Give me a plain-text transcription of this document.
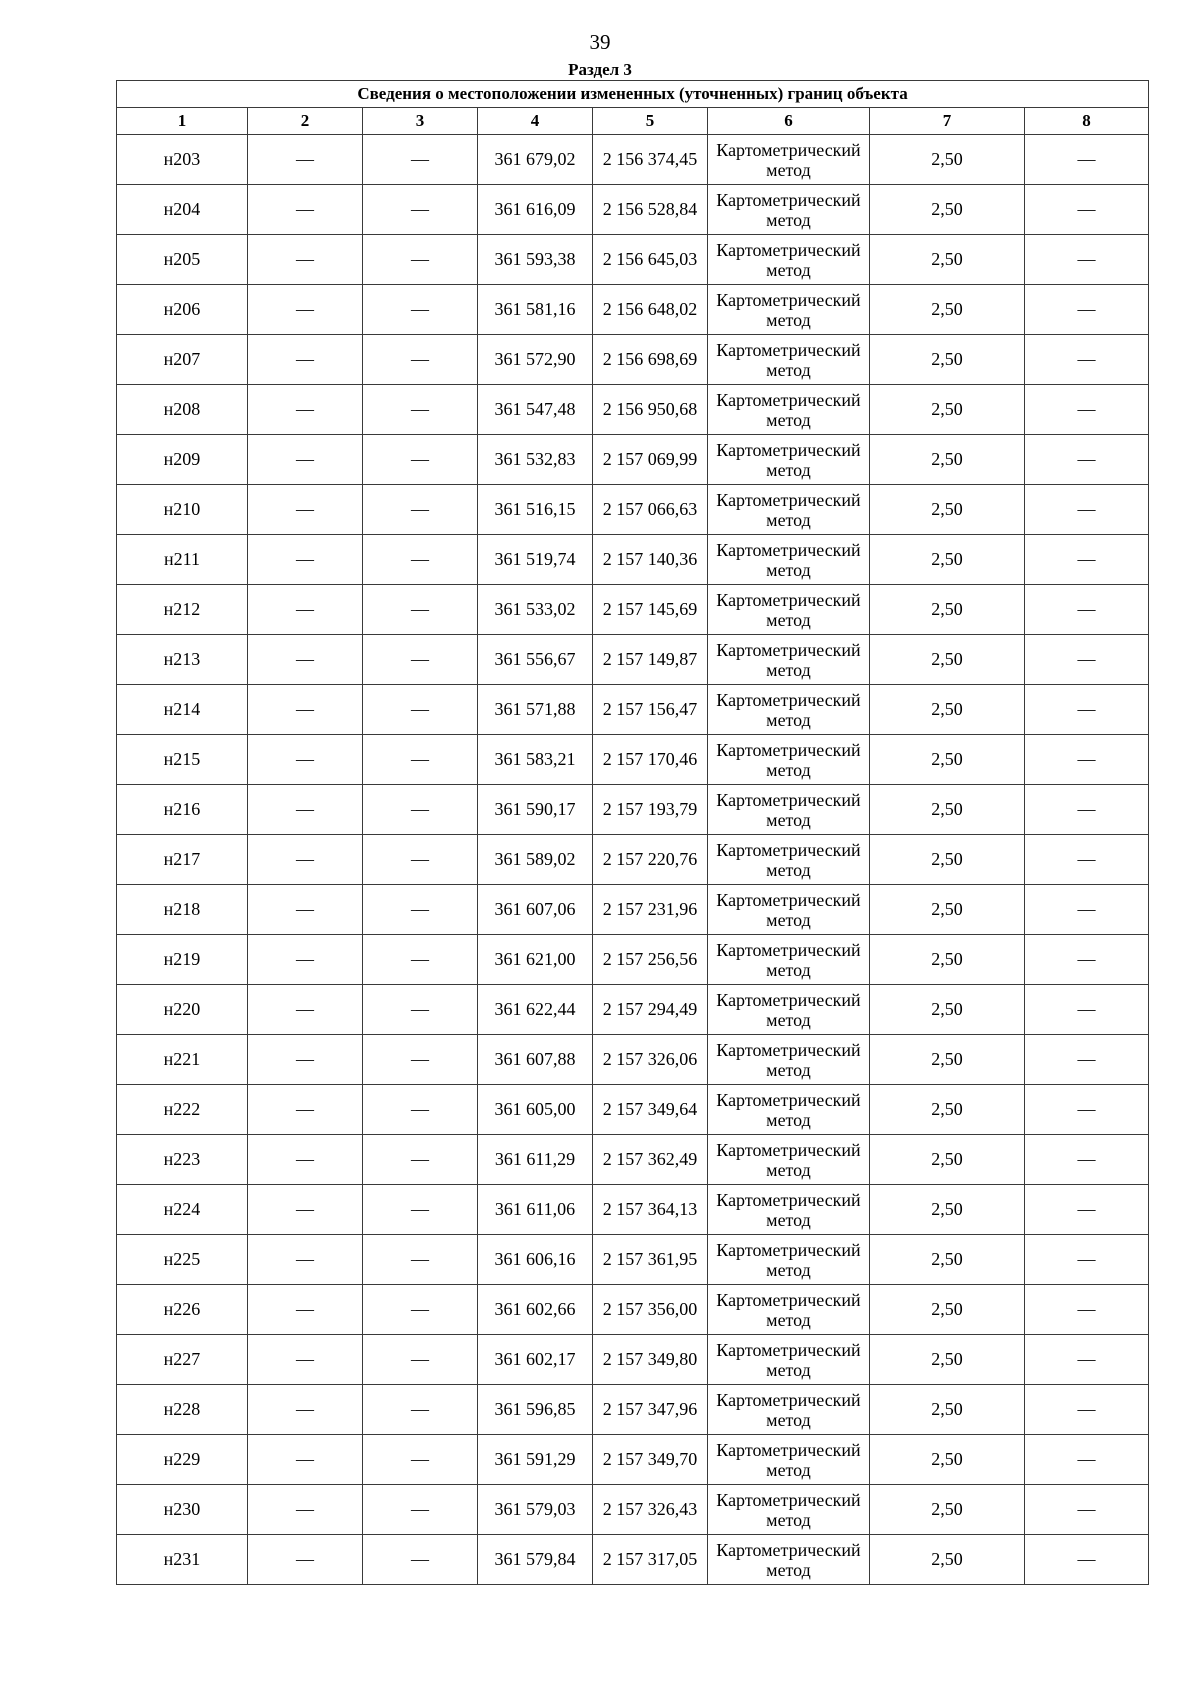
39
Раздел 3
Сведения о местоположении измененных (уточненных) границ объекта							
1	2	3	4	5	6	7	8
н203	—	—	361 679,02	2 156 374,45	Картометрический метод	2,50	—
н204	—	—	361 616,09	2 156 528,84	Картометрический метод	2,50	—
н205	—	—	361 593,38	2 156 645,03	Картометрический метод	2,50	—
н206	—	—	361 581,16	2 156 648,02	Картометрический метод	2,50	—
н207	—	—	361 572,90	2 156 698,69	Картометрический метод	2,50	—
н208	—	—	361 547,48	2 156 950,68	Картометрический метод	2,50	—
н209	—	—	361 532,83	2 157 069,99	Картометрический метод	2,50	—
н210	—	—	361 516,15	2 157 066,63	Картометрический метод	2,50	—
н211	—	—	361 519,74	2 157 140,36	Картометрический метод	2,50	—
н212	—	—	361 533,02	2 157 145,69	Картометрический метод	2,50	—
н213	—	—	361 556,67	2 157 149,87	Картометрический метод	2,50	—
н214	—	—	361 571,88	2 157 156,47	Картометрический метод	2,50	—
н215	—	—	361 583,21	2 157 170,46	Картометрический метод	2,50	—
н216	—	—	361 590,17	2 157 193,79	Картометрический метод	2,50	—
н217	—	—	361 589,02	2 157 220,76	Картометрический метод	2,50	—
н218	—	—	361 607,06	2 157 231,96	Картометрический метод	2,50	—
н219	—	—	361 621,00	2 157 256,56	Картометрический метод	2,50	—
н220	—	—	361 622,44	2 157 294,49	Картометрический метод	2,50	—
н221	—	—	361 607,88	2 157 326,06	Картометрический метод	2,50	—
н222	—	—	361 605,00	2 157 349,64	Картометрический метод	2,50	—
н223	—	—	361 611,29	2 157 362,49	Картометрический метод	2,50	—
н224	—	—	361 611,06	2 157 364,13	Картометрический метод	2,50	—
н225	—	—	361 606,16	2 157 361,95	Картометрический метод	2,50	—
н226	—	—	361 602,66	2 157 356,00	Картометрический метод	2,50	—
н227	—	—	361 602,17	2 157 349,80	Картометрический метод	2,50	—
н228	—	—	361 596,85	2 157 347,96	Картометрический метод	2,50	—
н229	—	—	361 591,29	2 157 349,70	Картометрический метод	2,50	—
н230	—	—	361 579,03	2 157 326,43	Картометрический метод	2,50	—
н231	—	—	361 579,84	2 157 317,05	Картометрический метод	2,50	—
